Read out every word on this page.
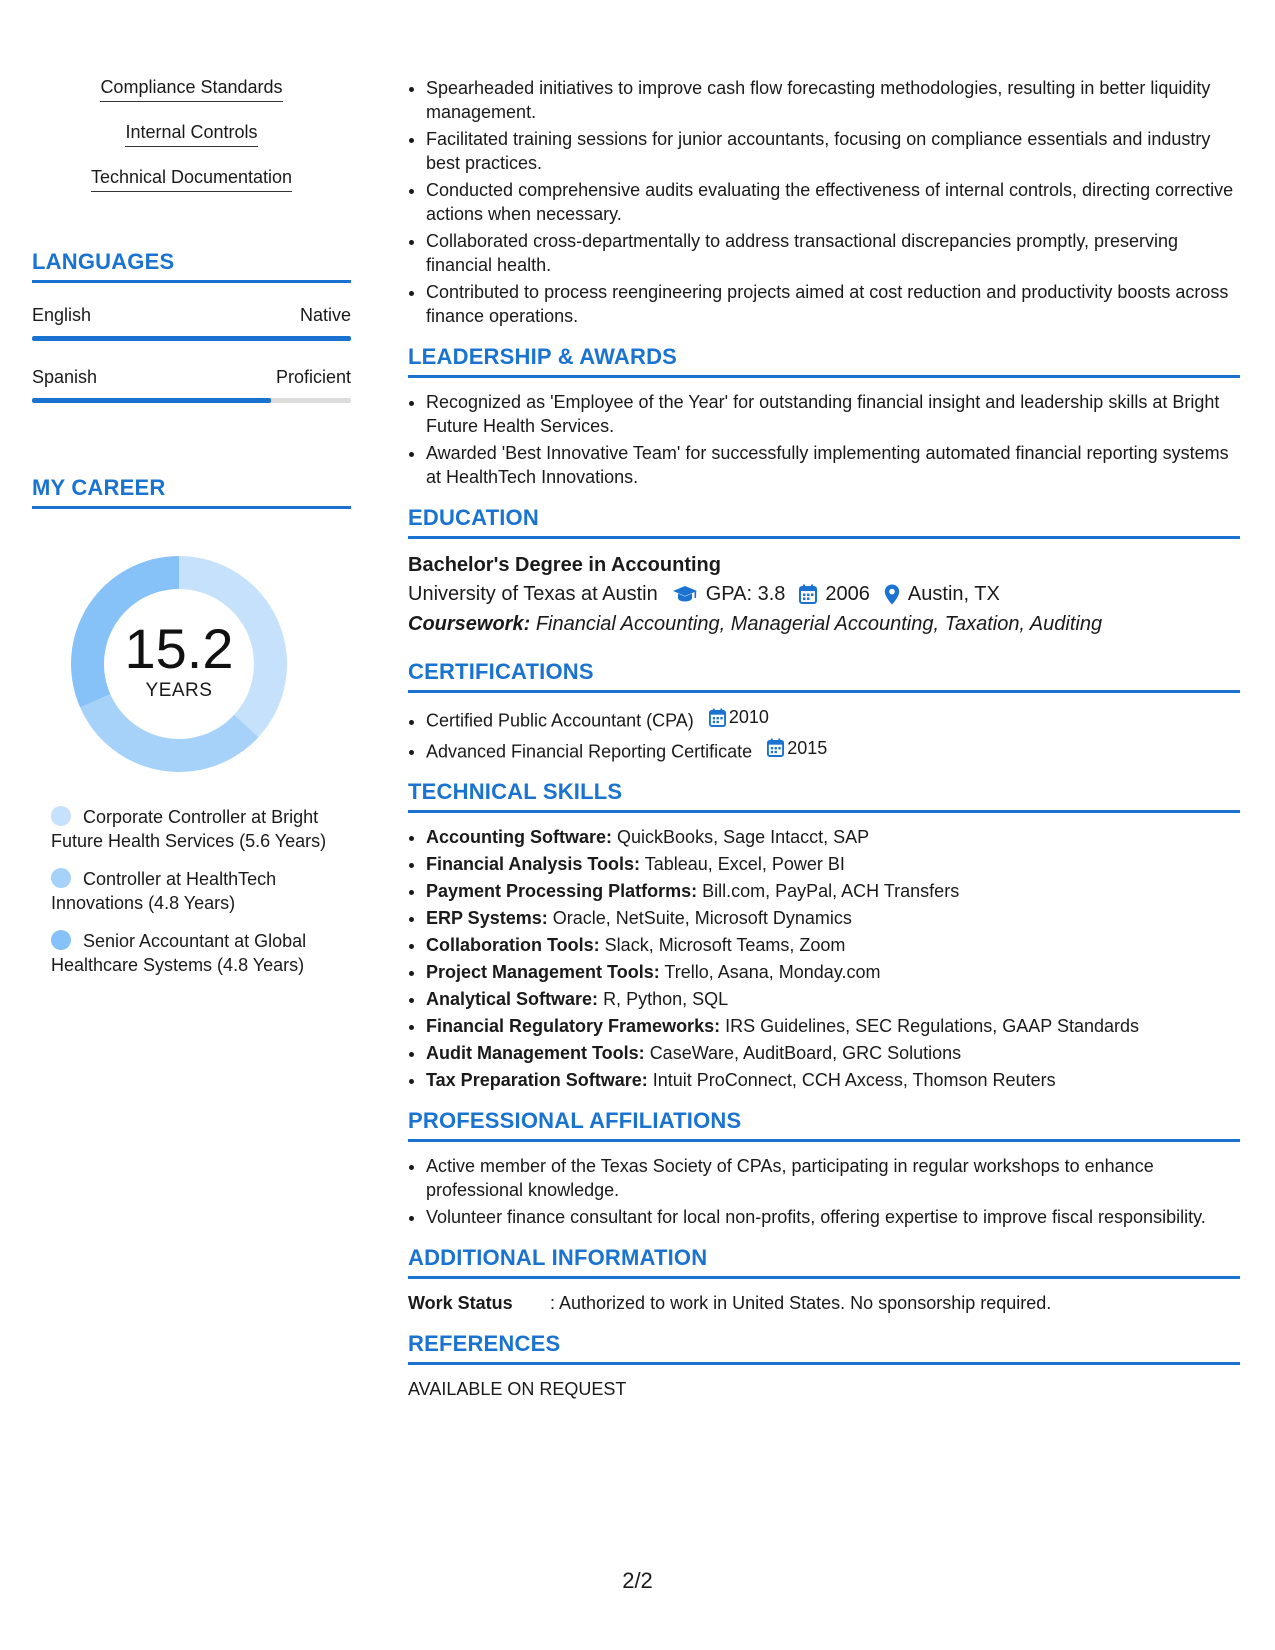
Compliance Standards
Internal Controls
Technical Documentation
LANGUAGES
English	Native
Spanish	Proficient
MY CAREER
15.2
YEARS
Corporate Controller at Bright Future Health Services (5.6 Years)
Controller at HealthTech Innovations (4.8 Years)
Senior Accountant at Global Healthcare Systems (4.8 Years)
• Spearheaded initiatives to improve cash flow forecasting methodologies, resulting in better liquidity management.
• Facilitated training sessions for junior accountants, focusing on compliance essentials and industry best practices.
• Conducted comprehensive audits evaluating the effectiveness of internal controls, directing corrective actions when necessary.
• Collaborated cross-departmentally to address transactional discrepancies promptly, preserving financial health.
• Contributed to process reengineering projects aimed at cost reduction and productivity boosts across finance operations.
LEADERSHIP & AWARDS
• Recognized as 'Employee of the Year' for outstanding financial insight and leadership skills at Bright Future Health Services.
• Awarded 'Best Innovative Team' for successfully implementing automated financial reporting systems at HealthTech Innovations.
EDUCATION
Bachelor's Degree in Accounting
University of Texas at Austin GPA: 3.8 2006 Austin, TX
Coursework: Financial Accounting, Managerial Accounting, Taxation, Auditing
CERTIFICATIONS
• Certified Public Accountant (CPA) 2010
• Advanced Financial Reporting Certificate 2015
TECHNICAL SKILLS
• Accounting Software: QuickBooks, Sage Intacct, SAP
• Financial Analysis Tools: Tableau, Excel, Power BI
• Payment Processing Platforms: Bill.com, PayPal, ACH Transfers
• ERP Systems: Oracle, NetSuite, Microsoft Dynamics
• Collaboration Tools: Slack, Microsoft Teams, Zoom
• Project Management Tools: Trello, Asana, Monday.com
• Analytical Software: R, Python, SQL
• Financial Regulatory Frameworks: IRS Guidelines, SEC Regulations, GAAP Standards
• Audit Management Tools: CaseWare, AuditBoard, GRC Solutions
• Tax Preparation Software: Intuit ProConnect, CCH Axcess, Thomson Reuters
PROFESSIONAL AFFILIATIONS
• Active member of the Texas Society of CPAs, participating in regular workshops to enhance professional knowledge.
• Volunteer finance consultant for local non-profits, offering expertise to improve fiscal responsibility.
ADDITIONAL INFORMATION
Work Status	: Authorized to work in United States. No sponsorship required.
REFERENCES
AVAILABLE ON REQUEST
2/2
